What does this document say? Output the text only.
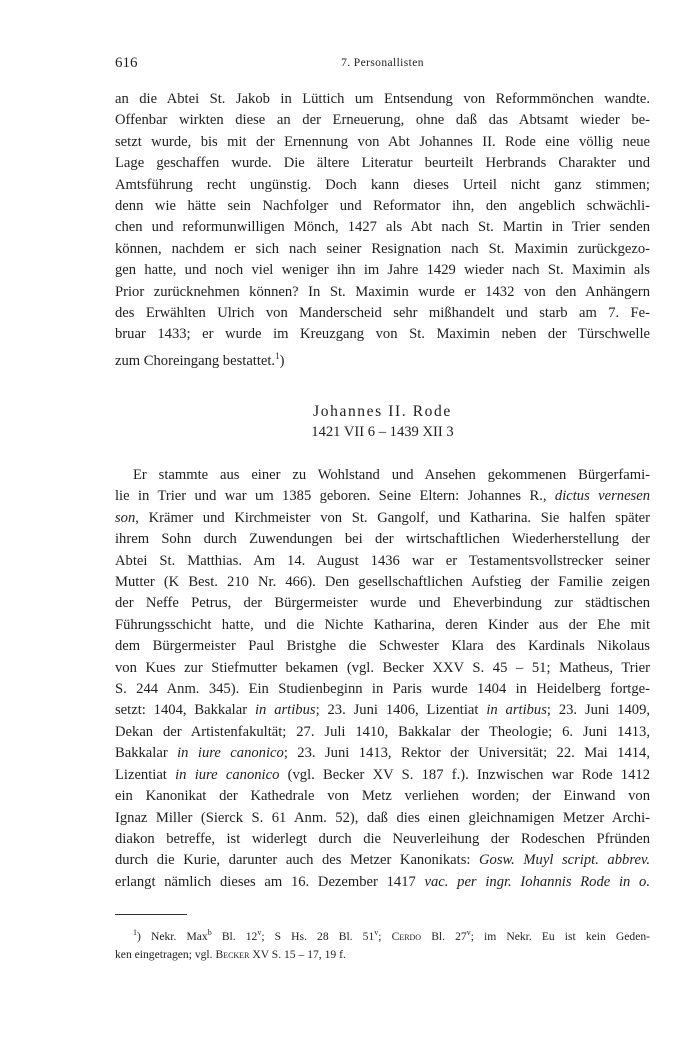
616	7. Personallisten
an die Abtei St. Jakob in Lüttich um Entsendung von Reformmönchen wandte.
Offenbar wirkten diese an der Erneuerung, ohne daß das Abtsamt wieder be-
setzt wurde, bis mit der Ernennung von Abt Johannes II. Rode eine völlig neue
Lage geschaffen wurde. Die ältere Literatur beurteilt Herbrands Charakter und
Amtsführung recht ungünstig. Doch kann dieses Urteil nicht ganz stimmen;
denn wie hätte sein Nachfolger und Reformator ihn, den angeblich schwächli-
chen und reformunwilligen Mönch, 1427 als Abt nach St. Martin in Trier senden
können, nachdem er sich nach seiner Resignation nach St. Maximin zurückgezo-
gen hatte, und noch viel weniger ihn im Jahre 1429 wieder nach St. Maximin als
Prior zurücknehmen können? In St. Maximin wurde er 1432 von den Anhängern
des Erwählten Ulrich von Manderscheid sehr mißhandelt und starb am 7. Fe-
bruar 1433; er wurde im Kreuzgang von St. Maximin neben der Türschwelle
zum Choreingang bestattet.$^1$)
Johannes II. Rode
1421 VII 6 – 1439 XII 3
Er stammte aus einer zu Wohlstand und Ansehen gekommenen Bürgerfami-
lie in Trier und war um 1385 geboren. Seine Eltern: Johannes R., dictus vernesen
son, Krämer und Kirchmeister von St. Gangolf, und Katharina. Sie halfen später
ihrem Sohn durch Zuwendungen bei der wirtschaftlichen Wiederherstellung der
Abtei St. Matthias. Am 14. August 1436 war er Testamentsvollstrecker seiner
Mutter (K Best. 210 Nr. 466). Den gesellschaftlichen Aufstieg der Familie zeigen
der Neffe Petrus, der Bürgermeister wurde und Eheverbindung zur städtischen
Führungsschicht hatte, und die Nichte Katharina, deren Kinder aus der Ehe mit
dem Bürgermeister Paul Bristghe die Schwester Klara des Kardinals Nikolaus
von Kues zur Stiefmutter bekamen (vgl. Becker XXV S. 45 – 51; Matheus, Trier
S. 244 Anm. 345). Ein Studienbeginn in Paris wurde 1404 in Heidelberg fortge-
setzt: 1404, Bakkalar in artibus; 23. Juni 1406, Lizentiat in artibus; 23. Juni 1409,
Dekan der Artistenfakultät; 27. Juli 1410, Bakkalar der Theologie; 6. Juni 1413,
Bakkalar in iure canonico; 23. Juni 1413, Rektor der Universität; 22. Mai 1414,
Lizentiat in iure canonico (vgl. Becker XV S. 187 f.). Inzwischen war Rode 1412
ein Kanonikat der Kathedrale von Metz verliehen worden; der Einwand von
Ignaz Miller (Sierck S. 61 Anm. 52), daß dies einen gleichnamigen Metzer Archi-
diakon betreffe, ist widerlegt durch die Neuverleihung der Rodeschen Pfründen
durch die Kurie, darunter auch des Metzer Kanonikats: Gosw. Muyl script. abbrev.
erlangt nämlich dieses am 16. Dezember 1417 vac. per ingr. Iohannis Rode in o.
$^1$) Nekr. Max$^b$ Bl. 12$^v$; S Hs. 28 Bl. 51$^v$; Cerdo Bl. 27$^v$; im Nekr. Eu ist kein Geden-
ken eingetragen; vgl. Becker XV S. 15 – 17, 19 f.
